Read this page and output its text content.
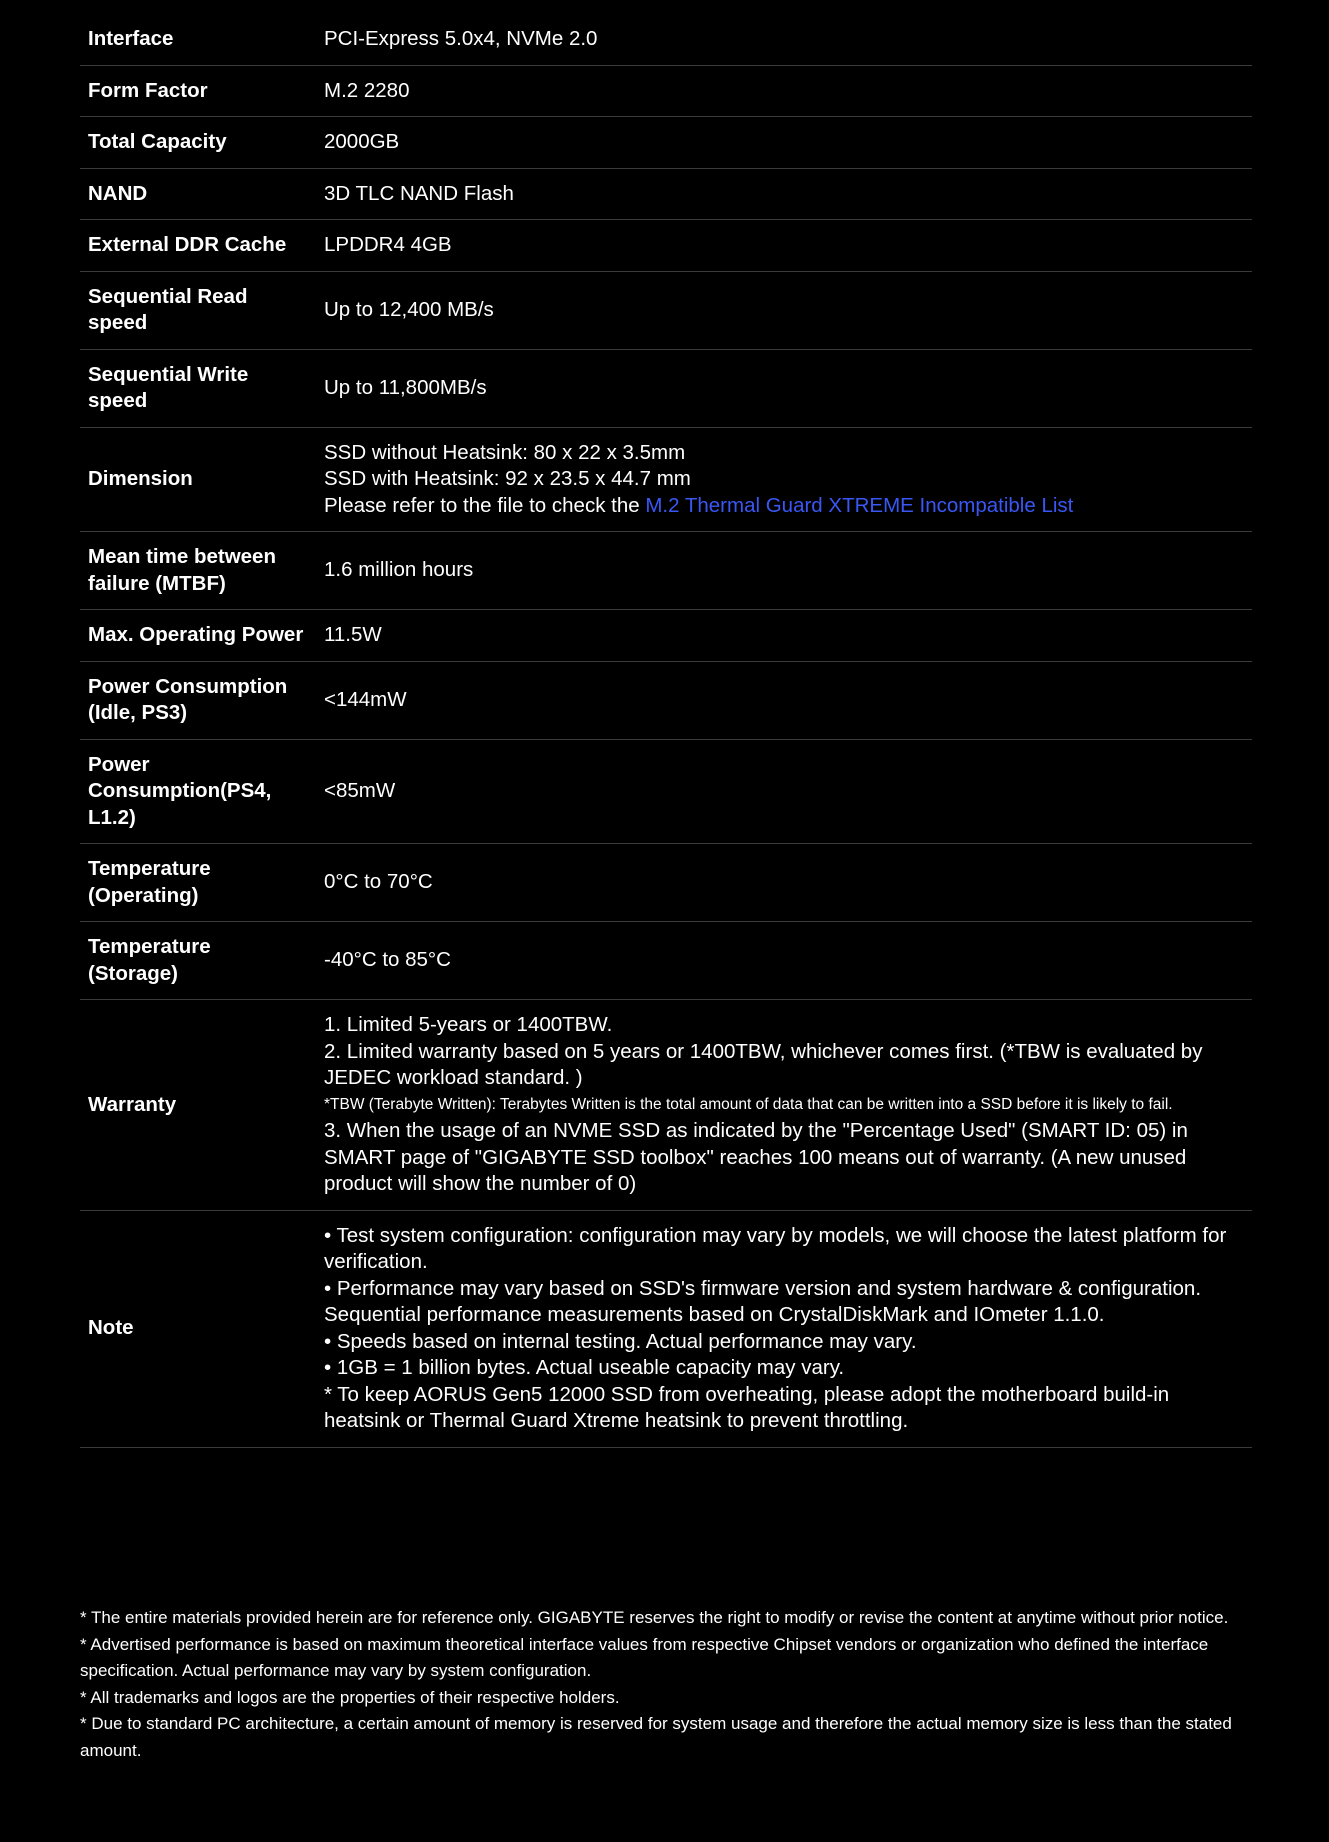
Interface	PCI-Express 5.0x4, NVMe 2.0
Form Factor	M.2 2280
Total Capacity	2000GB
NAND	3D TLC NAND Flash
External DDR Cache	LPDDR4 4GB
Sequential Read speed	Up to 12,400 MB/s
Sequential Write speed	Up to 11,800MB/s
Dimension	SSD without Heatsink: 80 x 22 x 3.5mm
SSD with Heatsink: 92 x 23.5 x 44.7 mm
Please refer to the file to check the M.2 Thermal Guard XTREME Incompatible List

Mean time between failure (MTBF)	1.6 million hours
Max. Operating Power	11.5W
Power Consumption (Idle, PS3)	<144mW
Power Consumption(PS4, L1.2)	<85mW
Temperature (Operating)	0°C to 70°C
Temperature (Storage)	-40°C to 85°C
Warranty	1. Limited 5-years or 1400TBW.
2. Limited warranty based on 5 years or 1400TBW, whichever comes first. (*TBW is evaluated by JEDEC workload standard. )
*TBW (Terabyte Written): Terabytes Written is the total amount of data that can be written into a SSD before it is likely to fail.
3. When the usage of an NVME SSD as indicated by the "Percentage Used" (SMART ID: 05) in SMART page of "GIGABYTE SSD toolbox" reaches 100 means out of warranty. (A new unused product will show the number of 0)

Note	• Test system configuration: configuration may vary by models, we will choose the latest platform for verification.
• Performance may vary based on SSD's firmware version and system hardware & configuration. Sequential performance measurements based on CrystalDiskMark and IOmeter 1.1.0.
• Speeds based on internal testing. Actual performance may vary.
• 1GB = 1 billion bytes. Actual useable capacity may vary.
* To keep AORUS Gen5 12000 SSD from overheating, please adopt the motherboard build-in heatsink or Thermal Guard Xtreme heatsink to prevent throttling.

* The entire materials provided herein are for reference only. GIGABYTE reserves the right to modify or revise the content at anytime without prior notice.

* Advertised performance is based on maximum theoretical interface values from respective Chipset vendors or organization who defined the interface specification. Actual performance may vary by system configuration.

* All trademarks and logos are the properties of their respective holders.

* Due to standard PC architecture, a certain amount of memory is reserved for system usage and therefore the actual memory size is less than the stated amount.
